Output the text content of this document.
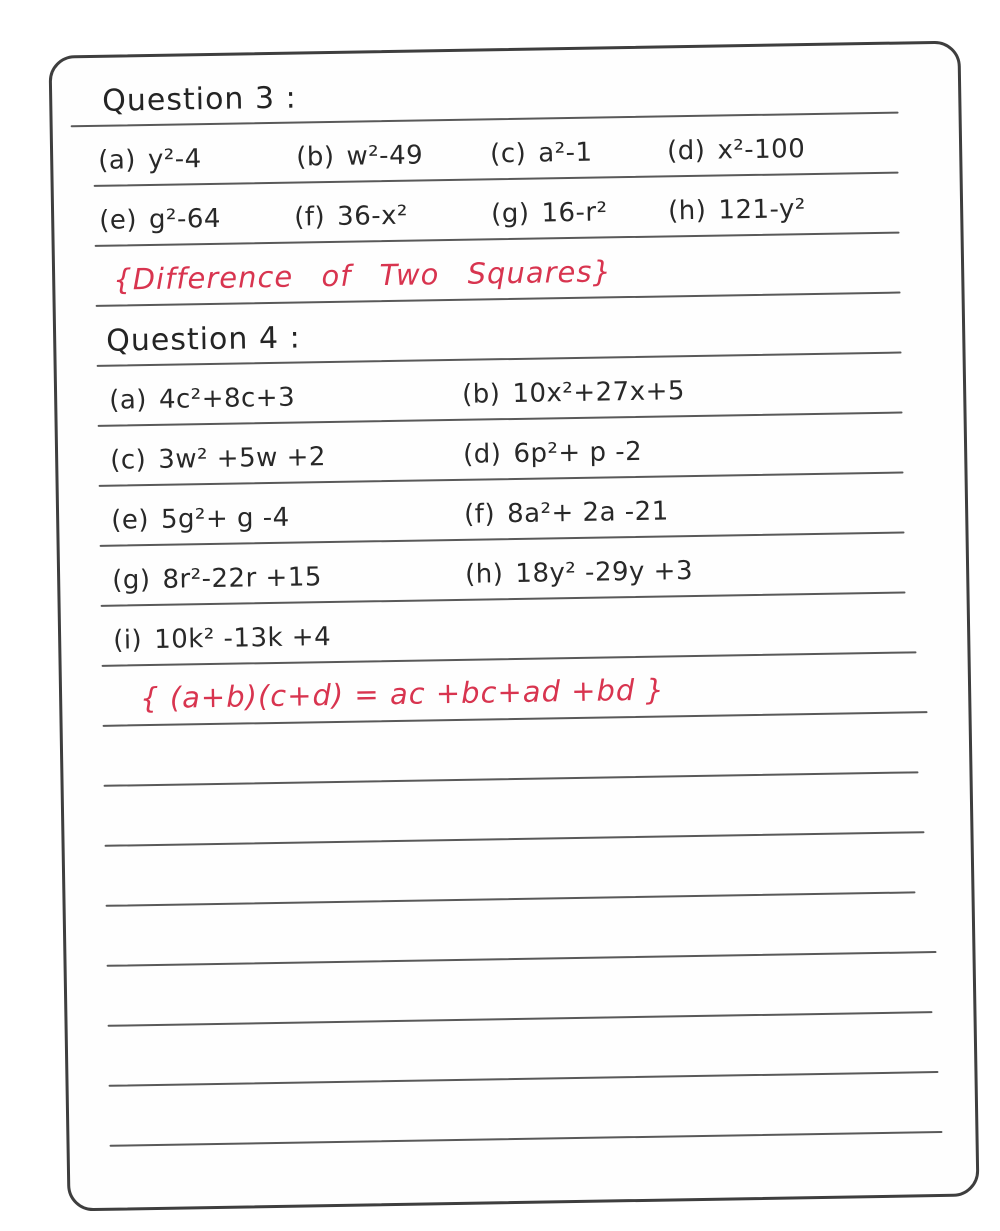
Question 3 :
(a) y²-4	(b) w²-49	(c) a²-1	(d) x²-100
(e) g²-64	(f) 36-x²	(g) 16-r² (h) 121-y²
{Difference of Two Squares}
Question 4 :
(a) 4c²+8c+3	(b) 10x²+27x+5
(c) 3w² +5w +2	(d) 6p²+ p -2
(e) 5g²+ g -4	(f) 8a²+ 2a -21
(g) 8r²-22r +15	(h) 18y² -29y +3
(i) 10k² -13k +4
{ (a+b)(c+d) = ac +bc+ad +bd }
